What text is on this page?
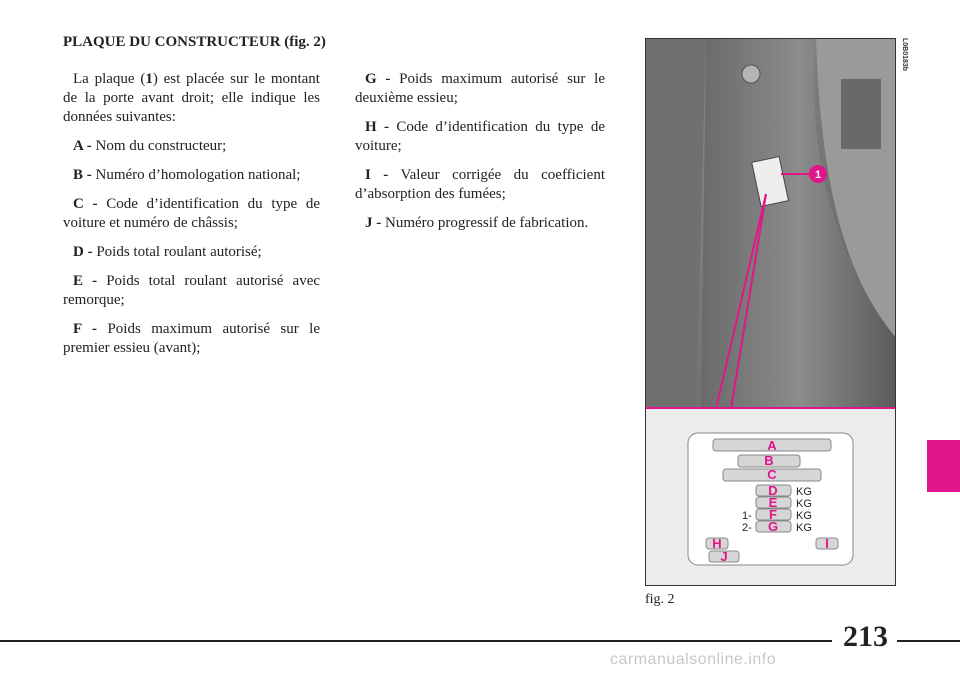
PLAQUE DU CONSTRUCTEUR (fig. 2)

La plaque (1) est placée sur le montant de la porte avant droit; elle indique les données suivantes:

A - Nom du constructeur;

B - Numéro d’homologation national;

C - Code d’identification du type de voiture et numéro de châssis;

D - Poids total roulant autorisé;

E - Poids total roulant autorisé avec remorque;

F - Poids maximum autorisé sur le premier essieu (avant);

G - Poids maximum autorisé sur le deuxième essieu;

H - Code d’identification du type de voiture;

I - Valeur corrigée du coefficient d’absorption des fumées;

J - Numéro progressif de fabrication.

1
A
B
C
D
E
F
G
H	I
J
KG
KG
KG
KG
1-
2-
L0B0183b
fig. 2
213
carmanualsonline.info
